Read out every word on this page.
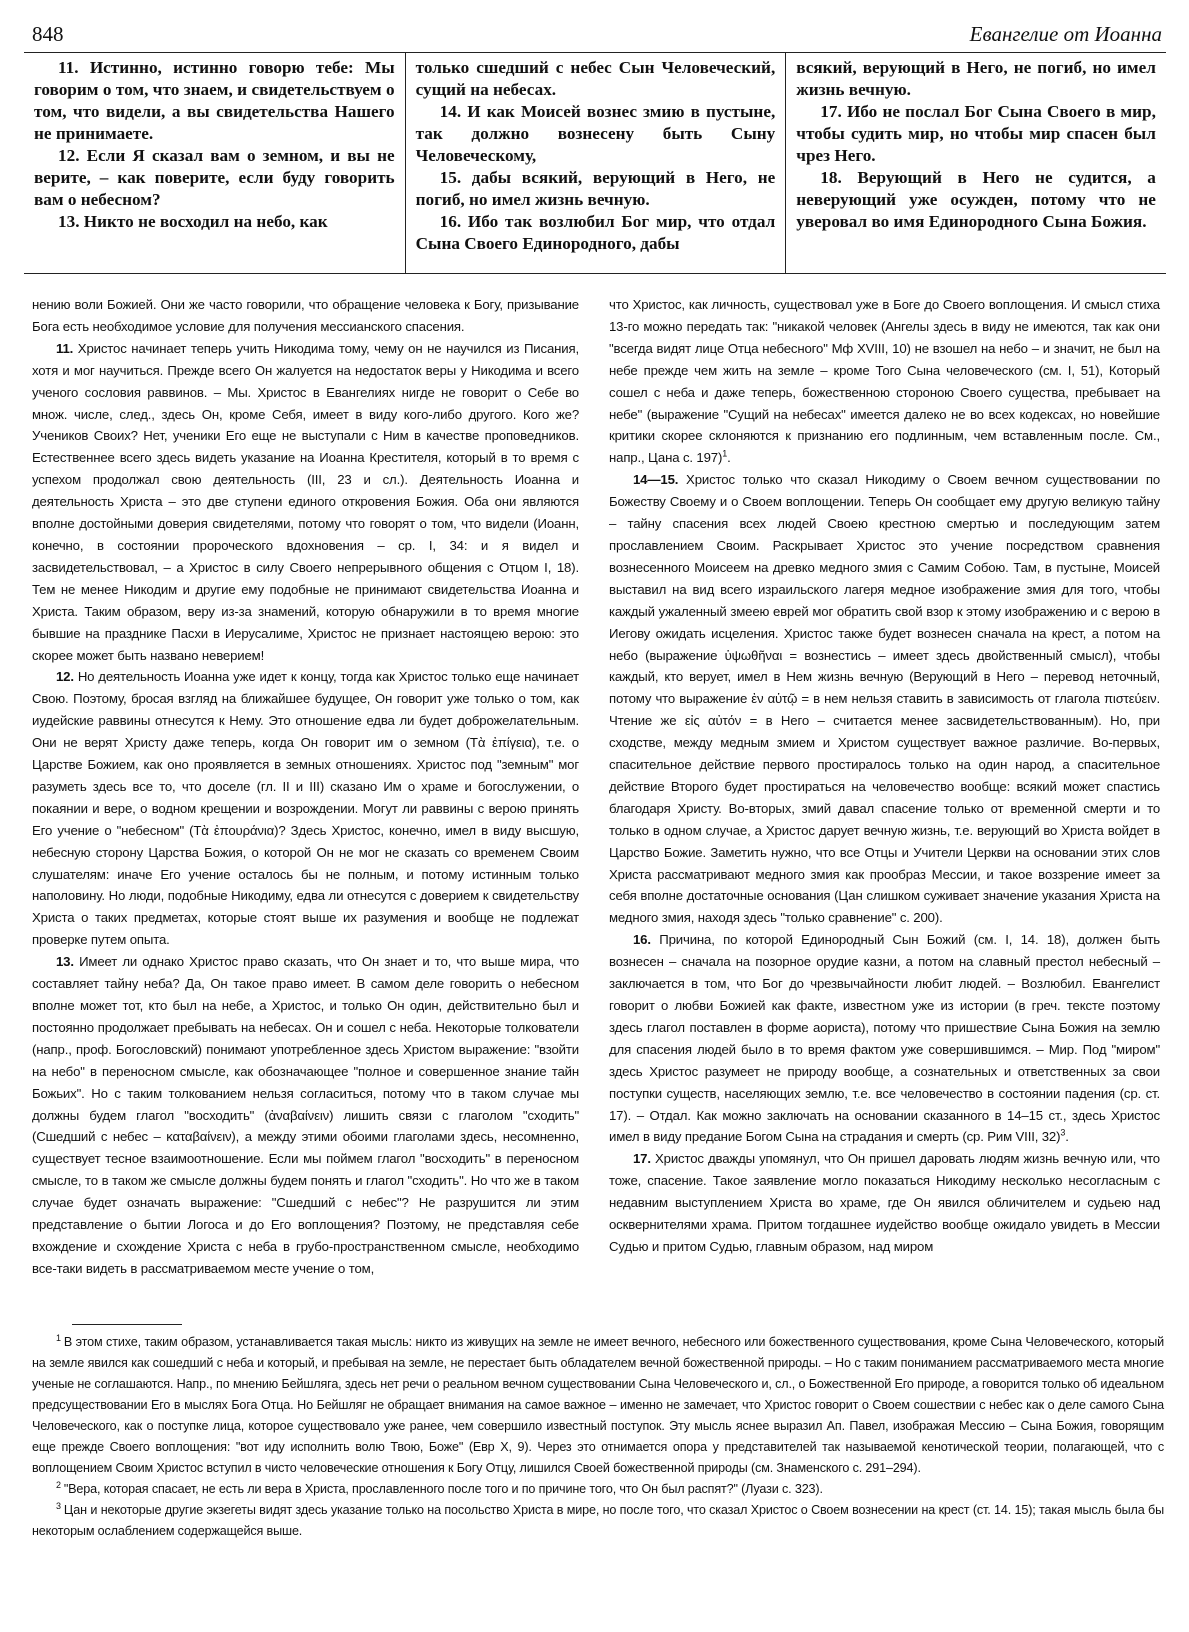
848	Евангелие от Иоанна

11. Истинно, истинно говорю тебе: Мы говорим о том, что знаем, и свидетельствуем о том, что видели, а вы свидетельства Нашего не принимаете.

12. Если Я сказал вам о земном, и вы не верите, – как поверите, если буду говорить вам о небесном?

13. Никто не восходил на небо, как

только сшедший с небес Сын Человеческий, сущий на небесах.

14. И как Моисей вознес змию в пустыне, так должно вознесену быть Сыну Человеческому,

15. дабы всякий, верующий в Него, не погиб, но имел жизнь вечную.

16. Ибо так возлюбил Бог мир, что отдал Сына Своего Единородного, дабы

всякий, верующий в Него, не погиб, но имел жизнь вечную.

17. Ибо не послал Бог Сына Своего в мир, чтобы судить мир, но чтобы мир спасен был чрез Него.

18. Верующий в Него не судится, а неверующий уже осужден, потому что не уверовал во имя Единородного Сына Божия.

нению воли Божией. Они же часто говорили, что обращение человека к Богу, призывание Бога есть необходимое условие для получения мессианского спасения.

11. Христос начинает теперь учить Никодима тому, чему он не научился из Писания, хотя и мог научиться. Прежде всего Он жалуется на недостаток веры у Никодима и всего ученого сословия раввинов. – Мы. Христос в Евангелиях нигде не говорит о Себе во множ. числе, след., здесь Он, кроме Себя, имеет в виду кого-либо другого. Кого же? Учеников Своих? Нет, ученики Его еще не выступали с Ним в качестве проповедников. Естественнее всего здесь видеть указание на Иоанна Крестителя, который в то время с успехом продолжал свою деятельность (III, 23 и сл.). Деятельность Иоанна и деятельность Христа – это две ступени единого откровения Божия. Оба они являются вполне достойными доверия свидетелями, потому что говорят о том, что видели (Иоанн, конечно, в состоянии пророческого вдохновения – ср. I, 34: и я видел и засвидетельствовал, – а Христос в силу Своего непрерывного общения с Отцом I, 18). Тем не менее Никодим и другие ему подобные не принимают свидетельства Иоанна и Христа. Таким образом, веру из-за знамений, которую обнаружили в то время многие бывшие на празднике Пасхи в Иерусалиме, Христос не признает настоящею верою: это скорее может быть названо неверием!

12. Но деятельность Иоанна уже идет к концу, тогда как Христос только еще начинает Свою. Поэтому, бросая взгляд на ближайшее будущее, Он говорит уже только о том, как иудейские раввины отнесутся к Нему. Это отношение едва ли будет доброжелательным. Они не верят Христу даже теперь, когда Он говорит им о земном (Τὰ ἐπίγεια), т.е. о Царстве Божием, как оно проявляется в земных отношениях. Христос под "земным" мог разуметь здесь все то, что доселе (гл. II и III) сказано Им о храме и богослужении, о покаянии и вере, о водном крещении и возрождении. Могут ли раввины с верою принять Его учение о "небесном" (Τὰ ἐπουράνια)? Здесь Христос, конечно, имел в виду высшую, небесную сторону Царства Божия, о которой Он не мог не сказать со временем Своим слушателям: иначе Его учение осталось бы не полным, и потому истинным только наполовину. Но люди, подобные Никодиму, едва ли отнесутся с доверием к свидетельству Христа о таких предметах, которые стоят выше их разумения и вообще не подлежат проверке путем опыта.

13. Имеет ли однако Христос право сказать, что Он знает и то, что выше мира, что составляет тайну неба? Да, Он такое право имеет. В самом деле говорить о небесном вполне может тот, кто был на небе, а Христос, и только Он один, действительно был и постоянно продолжает пребывать на небесах. Он и сошел с неба. Некоторые толкователи (напр., проф. Богословский) понимают употребленное здесь Христом выражение: "взойти на небо" в переносном смысле, как обозначающее "полное и совершенное знание тайн Божьих". Но с таким толкованием нельзя согласиться, потому что в таком случае мы должны будем глагол "восходить" (ἀναβαίνειν) лишить связи с глаголом "сходить" (Сшедший с небес – καταβαίνειν), а между этими обоими глаголами здесь, несомненно, существует тесное взаимоотношение. Если мы поймем глагол "восходить" в переносном смысле, то в таком же смысле должны будем понять и глагол "сходить". Но что же в таком случае будет означать выражение: "Сшедший с небес"? Не разрушится ли этим представление о бытии Логоса и до Его воплощения? Поэтому, не представляя себе вхождение и схождение Христа с неба в грубо-пространственном смысле, необходимо все-таки видеть в рассматриваемом месте учение о том,

что Христос, как личность, существовал уже в Боге до Своего воплощения. И смысл стиха 13-го можно передать так: "никакой человек (Ангелы здесь в виду не имеются, так как они "всегда видят лице Отца небесного" Мф XVIII, 10) не взошел на небо – и значит, не был на небе прежде чем жить на земле – кроме Того Сына человеческого (см. I, 51), Который сошел с неба и даже теперь, божественною стороною Своего существа, пребывает на небе" (выражение "Сущий на небесах" имеется далеко не во всех кодексах, но новейшие критики скорее склоняются к признанию его подлинным, чем вставленным после. См., напр., Цана с. 197)$^1$.

14—15. Христос только что сказал Никодиму о Своем вечном существовании по Божеству Своему и о Своем воплощении. Теперь Он сообщает ему другую великую тайну – тайну спасения всех людей Своею крестною смертью и последующим затем прославлением Своим. Раскрывает Христос это учение посредством сравнения вознесенного Моисеем на древко медного змия с Самим Собою. Там, в пустыне, Моисей выставил на вид всего израильского лагеря медное изображение змия для того, чтобы каждый ужаленный змеею еврей мог обратить свой взор к этому изображению и с верою в Иегову ожидать исцеления. Христос также будет вознесен сначала на крест, а потом на небо (выражение ὑψωθῆναι = вознестись – имеет здесь двойственный смысл), чтобы каждый, кто верует, имел в Нем жизнь вечную (Верующий в Него – перевод неточный, потому что выражение ἐν αὐτῷ = в нем нельзя ставить в зависимость от глагола πιστεύειν. Чтение же εἰς αὐτόν = в Него – считается менее засвидетельствованным). Но, при сходстве, между медным змием и Христом существует важное различие. Во-первых, спасительное действие первого простиралось только на один народ, а спасительное действие Второго будет простираться на человечество вообще: всякий может спастись благодаря Христу. Во-вторых, змий давал спасение только от временной смерти и то только в одном случае, а Христос дарует вечную жизнь, т.е. верующий во Христа войдет в Царство Божие. Заметить нужно, что все Отцы и Учители Церкви на основании этих слов Христа рассматривают медного змия как прообраз Мессии, и такое воззрение имеет за себя вполне достаточные основания (Цан слишком суживает значение указания Христа на медного змия, находя здесь "только сравнение" с. 200).

16. Причина, по которой Единородный Сын Божий (см. I, 14. 18), должен быть вознесен – сначала на позорное орудие казни, а потом на славный престол небесный – заключается в том, что Бог до чрезвычайности любит людей. – Возлюбил. Евангелист говорит о любви Божией как факте, известном уже из истории (в греч. тексте поэтому здесь глагол поставлен в форме аориста), потому что пришествие Сына Божия на землю для спасения людей было в то время фактом уже совершившимся. – Мир. Под "миром" здесь Христос разумеет не природу вообще, а сознательных и ответственных за свои поступки существ, населяющих землю, т.е. все человечество в состоянии падения (ср. ст. 17). – Отдал. Как можно заключать на основании сказанного в 14–15 ст., здесь Христос имел в виду предание Богом Сына на страдания и смерть (ср. Рим VIII, 32)$^3$.

17. Христос дважды упомянул, что Он пришел даровать людям жизнь вечную или, что тоже, спасение. Такое заявление могло показаться Никодиму несколько несогласным с недавним выступлением Христа во храме, где Он явился обличителем и судьею над осквернителями храма. Притом тогдашнее иудейство вообще ожидало увидеть в Мессии Судью и притом Судью, главным образом, над миром

$^1$ В этом стихе, таким образом, устанавливается такая мысль: никто из живущих на земле не имеет вечного, небесного или божественного существования, кроме Сына Человеческого, который на земле явился как сошедший с неба и который, и пребывая на земле, не перестает быть обладателем вечной божественной природы. – Но с таким пониманием рассматриваемого места многие ученые не соглашаются. Напр., по мнению Бейшляга, здесь нет речи о реальном вечном существовании Сына Человеческого и, сл., о Божественной Его природе, а говорится только об идеальном предсуществовании Его в мыслях Бога Отца. Но Бейшляг не обращает внимания на самое важное – именно не замечает, что Христос говорит о Своем сошествии с небес как о деле самого Сына Человеческого, как о поступке лица, которое существовало уже ранее, чем совершило известный поступок. Эту мысль яснее выразил Ап. Павел, изображая Мессию – Сына Божия, говорящим еще прежде Своего воплощения: "вот иду исполнить волю Твою, Боже" (Евр X, 9). Через это отнимается опора у представителей так называемой кенотической теории, полагающей, что с воплощением Своим Христос вступил в чисто человеческие отношения к Богу Отцу, лишился Своей божественной природы (см. Знаменского с. 291–294).

$^2$ "Вера, которая спасает, не есть ли вера в Христа, прославленного после того и по причине того, что Он был распят?" (Луази с. 323).

$^3$ Цан и некоторые другие экзегеты видят здесь указание только на посольство Христа в мире, но после того, что сказал Христос о Своем вознесении на крест (ст. 14. 15); такая мысль была бы некоторым ослаблением содержащейся выше.
